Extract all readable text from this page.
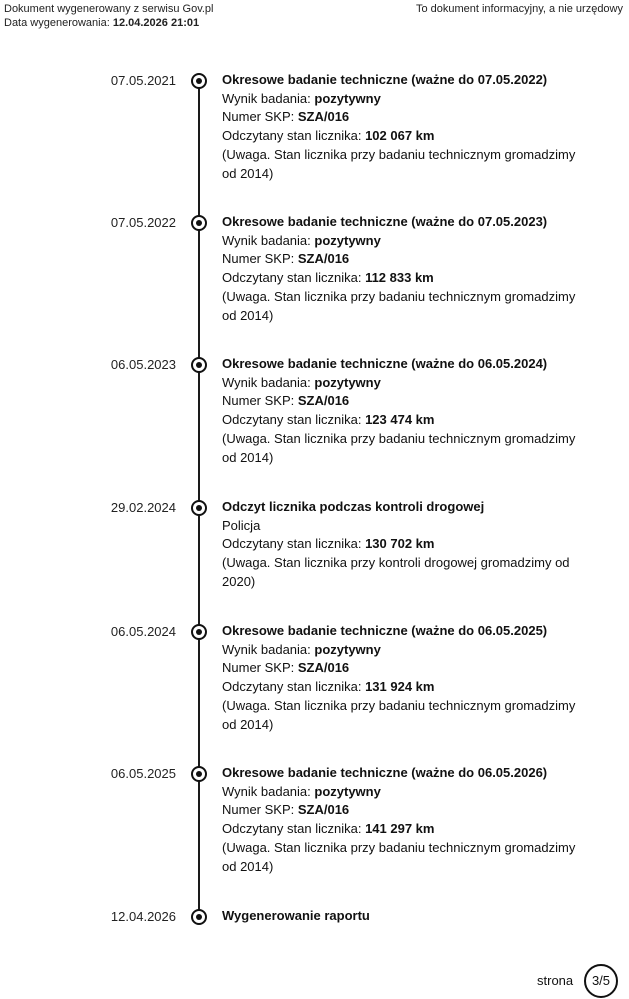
Dokument wygenerowany z serwisu Gov.pl
Data wygenerowania: 12.04.2026 21:01
To dokument informacyjny, a nie urzędowy
07.05.2021	Okresowe badanie techniczne (ważne do 07.05.2022)
Wynik badania: pozytywny
Numer SKP: SZA/016
Odczytany stan licznika: 102 067 km
(Uwaga. Stan licznika przy badaniu technicznym gromadzimy od 2014)
07.05.2022	Okresowe badanie techniczne (ważne do 07.05.2023)
Wynik badania: pozytywny
Numer SKP: SZA/016
Odczytany stan licznika: 112 833 km
(Uwaga. Stan licznika przy badaniu technicznym gromadzimy od 2014)
06.05.2023	Okresowe badanie techniczne (ważne do 06.05.2024)
Wynik badania: pozytywny
Numer SKP: SZA/016
Odczytany stan licznika: 123 474 km
(Uwaga. Stan licznika przy badaniu technicznym gromadzimy od 2014)
29.02.2024	Odczyt licznika podczas kontroli drogowej
Policja
Odczytany stan licznika: 130 702 km
(Uwaga. Stan licznika przy kontroli drogowej gromadzimy od 2020)
06.05.2024	Okresowe badanie techniczne (ważne do 06.05.2025)
Wynik badania: pozytywny
Numer SKP: SZA/016
Odczytany stan licznika: 131 924 km
(Uwaga. Stan licznika przy badaniu technicznym gromadzimy od 2014)
06.05.2025	Okresowe badanie techniczne (ważne do 06.05.2026)
Wynik badania: pozytywny
Numer SKP: SZA/016
Odczytany stan licznika: 141 297 km
(Uwaga. Stan licznika przy badaniu technicznym gromadzimy od 2014)
12.04.2026	Wygenerowanie raportu
strona	3/5
